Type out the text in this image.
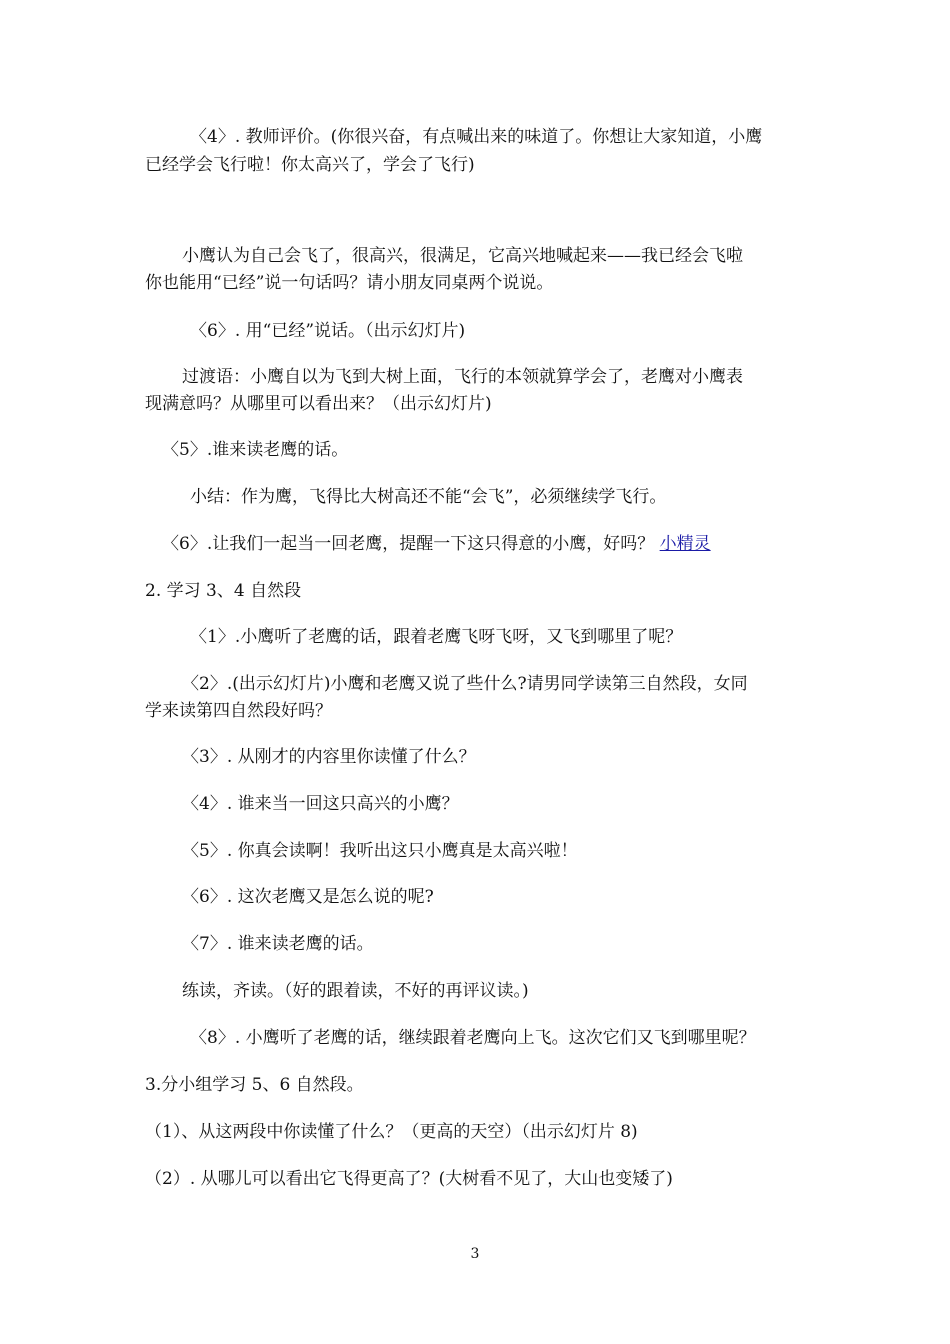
〈4〉. 教师评价。(你很兴奋，有点喊出来的味道了。你想让大家知道，小鹰
已经学会飞行啦！你太高兴了，学会了飞行)
小鹰认为自己会飞了，很高兴，很满足，它高兴地喊起来——我已经会飞啦
你也能用“已经”说一句话吗？请小朋友同桌两个说说。
〈6〉. 用“已经”说话。（出示幻灯片)
过渡语：小鹰自以为飞到大树上面，飞行的本领就算学会了，老鹰对小鹰表
现满意吗？从哪里可以看出来？（出示幻灯片)
〈5〉.谁来读老鹰的话。
小结：作为鹰，飞得比大树高还不能“会飞”，必须继续学飞行。
〈6〉.让我们一起当一回老鹰，提醒一下这只得意的小鹰，好吗？ 小精灵
2. 学习 3、4 自然段
〈1〉.小鹰听了老鹰的话，跟着老鹰飞呀飞呀，又飞到哪里了呢？
〈2〉.(出示幻灯片)小鹰和老鹰又说了些什么?请男同学读第三自然段，女同
学来读第四自然段好吗？
〈3〉. 从刚才的内容里你读懂了什么？
〈4〉. 谁来当一回这只高兴的小鹰？
〈5〉. 你真会读啊！我听出这只小鹰真是太高兴啦！
〈6〉. 这次老鹰又是怎么说的呢?
〈7〉. 谁来读老鹰的话。
练读，齐读。（好的跟着读，不好的再评议读。)
〈8〉. 小鹰听了老鹰的话，继续跟着老鹰向上飞。这次它们又飞到哪里呢？
3.分小组学习 5、6 自然段。
（1）、从这两段中你读懂了什么？（更高的天空）（出示幻灯片 8)
（2）. 从哪儿可以看出它飞得更高了？(大树看不见了，大山也变矮了)
3
